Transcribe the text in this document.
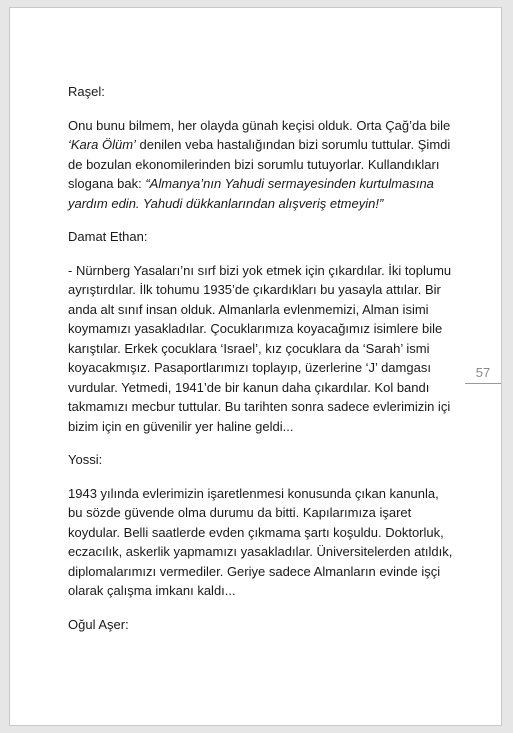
Raşel:

Onu bunu bilmem, her olayda günah keçisi olduk. Orta Çağ’da bile ‘Kara Ölüm’ denilen veba hastalığından bizi sorumlu tuttular. Şimdi de bozulan ekonomilerinden bizi sorumlu tutuyorlar. Kullandıkları slogana bak: “Almanya’nın Yahudi sermayesinden kurtulmasına yardım edin. Yahudi dükkanlarından alışveriş etmeyin!”

Damat Ethan:

- Nürnberg Yasaları’nı sırf bizi yok etmek için çıkardılar. İki toplumu ayrıştırdılar. İlk tohumu 1935’de çıkardıkları bu yasayla attılar. Bir anda alt sınıf insan olduk. Almanlarla evlenmemizi, Alman isimi koymamızı yasakladılar. Çocuklarımıza koyacağımız isimlere bile karıştılar. Erkek çocuklara ‘Israel’, kız çocuklara da ‘Sarah’ ismi koyacakmışız. Pasaportlarımızı toplayıp, üzerlerine ‘J’ damgası vurdular. Yetmedi, 1941’de bir kanun daha çıkardılar. Kol bandı takmamızı mecbur tuttular. Bu tarihten sonra sadece evlerimizin içi bizim için en güvenilir yer haline geldi...

Yossi:

1943 yılında evlerimizin işaretlenmesi konusunda çıkan kanunla, bu sözde güvende olma durumu da bitti. Kapılarımıza işaret koydular. Belli saatlerde evden çıkmama şartı koşuldu. Doktorluk, eczacılık, askerlik yapmamızı yasakladılar. Üniversitelerden atıldık, diplomalarımızı vermediler. Geriye sadece Almanların evinde işçi olarak çalışma imkanı kaldı...

Oğul Aşer:

57
